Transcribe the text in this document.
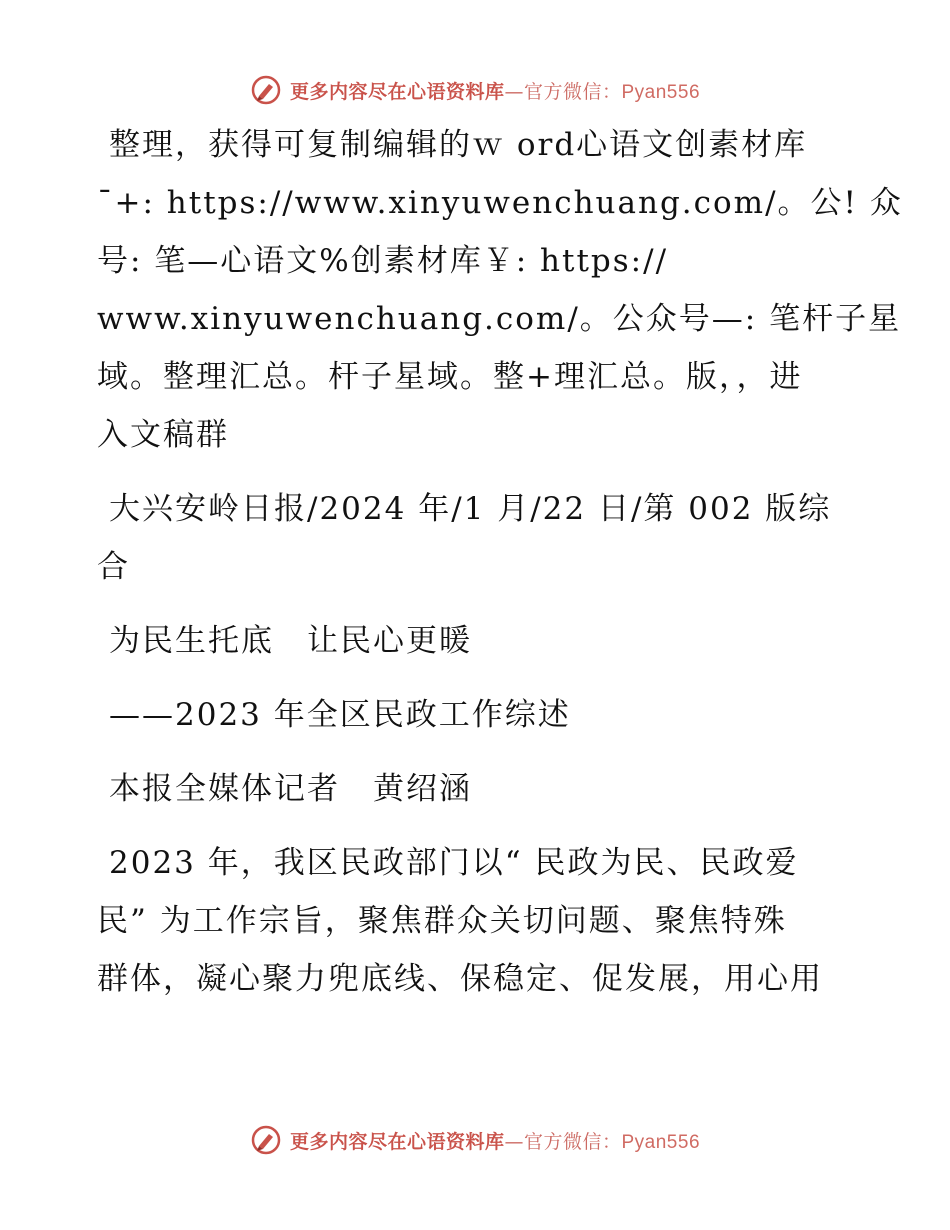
更多内容尽在心语资料库—官方微信：Pyan556

整理，获得可复制编辑的ｗ ord心语文创素材库
¯+: https://www.xinyuwenchuang.com/。公! 众
号: 笔—心语文%创素材库￥: https://
www.xinyuwenchuang.com/。公众号—: 笔杆子星
域。整理汇总。杆子星域。整+理汇总。版，，进
入文稿群

大兴安岭日报/2024 年/1 月/22 日/第 002 版综
合

为民生托底　让民心更暖

——2023 年全区民政工作综述

本报全媒体记者　黄绍涵

2023 年，我区民政部门以“ 民政为民、民政爱
民” 为工作宗旨，聚焦群众关切问题、聚焦特殊
群体，凝心聚力兜底线、保稳定、促发展，用心用

更多内容尽在心语资料库—官方微信：Pyan556
